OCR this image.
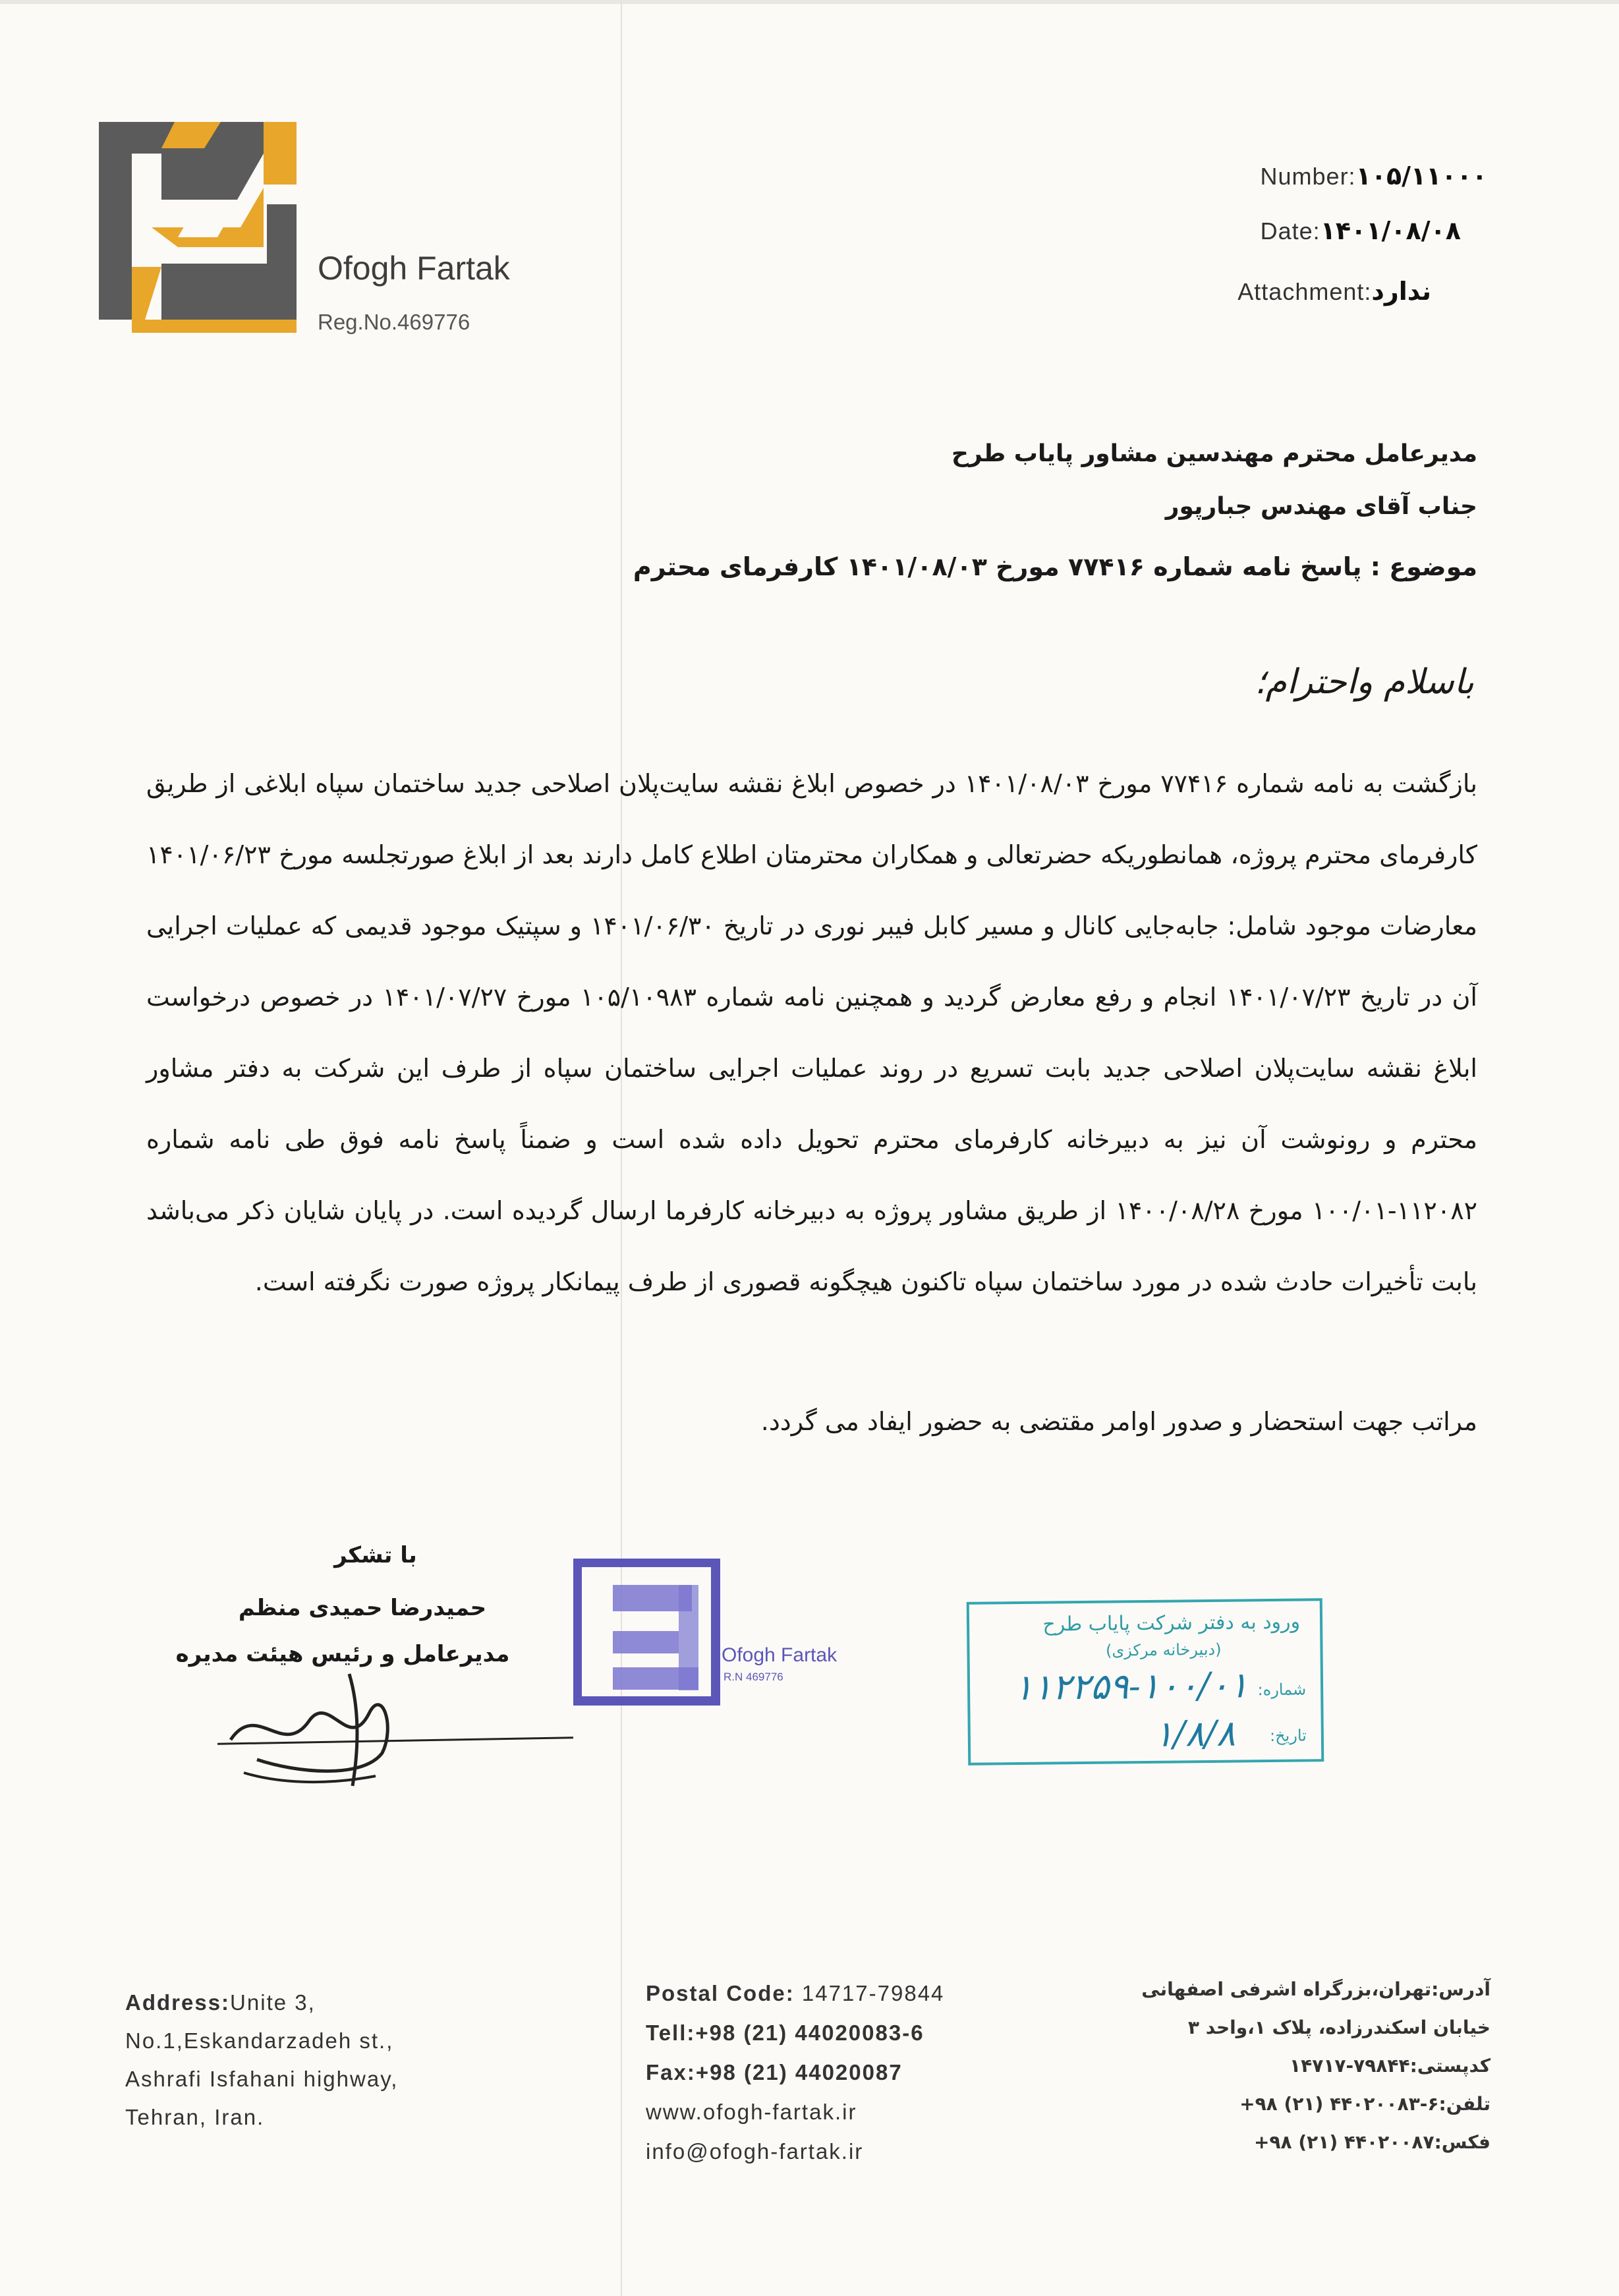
Ofogh Fartak
Reg.No.469776
Number:۱۰۵/۱۱۰۰۰
Date:۱۴۰۱/۰۸/۰۸
Attachment:ندارد
مدیرعامل محترم مهندسین مشاور پایاب طرح
جناب آقای مهندس جبارپور
موضوع : پاسخ نامه شماره ۷۷۴۱۶ مورخ ۱۴۰۱/۰۸/۰۳ کارفرمای محترم
باسلام واحترام؛
بازگشت به نامه شماره ۷۷۴۱۶ مورخ ۱۴۰۱/۰۸/۰۳ در خصوص ابلاغ نقشه سایت‌پلان اصلاحی جدید ساختمان سپاه ابلاغی از طریق کارفرمای محترم پروژه، همانطوریکه حضرتعالی و همکاران محترمتان اطلاع کامل دارند بعد از ابلاغ صورتجلسه مورخ ۱۴۰۱/۰۶/۲۳ معارضات موجود شامل: جابه‌جایی کانال و مسیر کابل فیبر نوری در تاریخ ۱۴۰۱/۰۶/۳۰ و سپتیک موجود قدیمی که عملیات اجرایی آن در تاریخ ۱۴۰۱/۰۷/۲۳ انجام و رفع معارض گردید و همچنین نامه شماره ۱۰۵/۱۰۹۸۳ مورخ ۱۴۰۱/۰۷/۲۷ در خصوص درخواست ابلاغ نقشه سایت‌پلان اصلاحی جدید بابت تسریع در روند عملیات اجرایی ساختمان سپاه از طرف این شرکت به دفتر مشاور محترم و رونوشت آن نیز به دبیرخانه کارفرمای محترم تحویل داده شده است و ضمناً پاسخ نامه فوق طی نامه شماره ۱۱۲۰۸۲-۱۰۰/۰۱ مورخ ۱۴۰۰/۰۸/۲۸ از طریق مشاور پروژه به دبیرخانه کارفرما ارسال گردیده است. در پایان شایان ذکر می‌باشد بابت تأخیرات حادث شده در مورد ساختمان سپاه تاکنون هیچگونه قصوری از طرف پیمانکار پروژه صورت نگرفته است.
مراتب جهت استحضار و صدور اوامر مقتضی به حضور ایفاد می گردد.
با تشکر
حمیدرضا حمیدی منظم
مدیرعامل و رئیس هیئت مدیره	Ofogh Fartak
R.N 469776
ورود به دفتر شرکت پایاب طرح
(دبیرخانه مرکزی)
شماره:
۱۱۲۲۵۹-۱۰۰/۰۱
تاریخ:
۱/۸/۸
Address:Unite 3,
No.1,Eskandarzadeh st.,
Ashrafi Isfahani highway,
Tehran, Iran.
Postal Code: 14717-79844
Tell:+98 (21) 44020083-6
Fax:+98 (21) 44020087
www.ofogh-fartak.ir
info@ofogh-fartak.ir
آدرس:تهران،بزرگراه اشرفی اصفهانی
خیابان اسکندرزاده، پلاک ۱،واحد ۳
کدپستی:۷۹۸۴۴-۱۴۷۱۷
تلفن:۶-۴۴۰۲۰۰۸۳ (۲۱) ۹۸+
فکس:۴۴۰۲۰۰۸۷ (۲۱) ۹۸+
